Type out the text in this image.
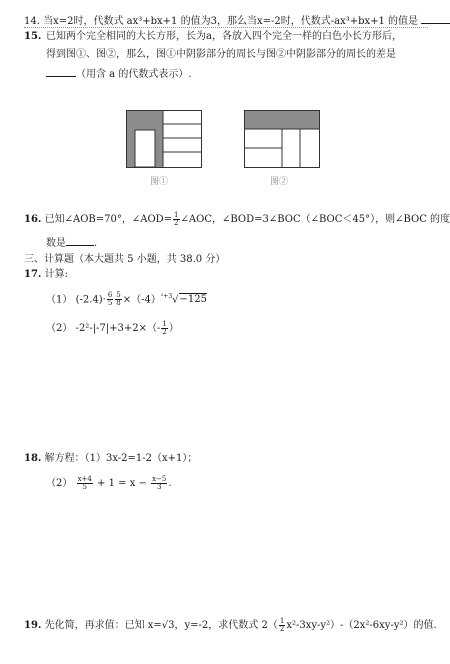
14. 当x=2时，代数式 ax³+bx+1 的值为3，那么当x=-2时，代数式-ax³+bx+1 的值是
15. 已知两个完全相同的大长方形，长为a，各放入四个完全一样的白色小长方形后，
得到图①、图②，那么，图①中阴影部分的周长与图②中阴影部分的周长的差是
（用含 a 的代数式表示）.
图①	图②
16. 已知∠AOB=70°，∠AOD= $\frac{1}{2}$ ∠AOC，∠BOD=3∠BOC（∠BOC＜45°），则∠BOC 的度
数是	.
三、计算题（本大题共 5 小题，共 38.0 分）
17. 计算:
（1） $(-2.4)\cdot \frac{6}{5} \frac{5}{8} \times(-4)^{^2+3}√-125$
（2） $-2^2-|-7|+3+2\times(- \frac{1}{2}$ ）
18. 解方程：（1）3x-2=1-2（x+1）；
$(2) \frac{x+4}{5} + 1 = x - \frac{x-5}{3}$ .
19. 先化简，再求值：已知 x=√3，y=-2，求代数式 $2( \frac{1}{2} x^2-3xy-y^2)-(2x^2-6xy-y^2)$的值.
